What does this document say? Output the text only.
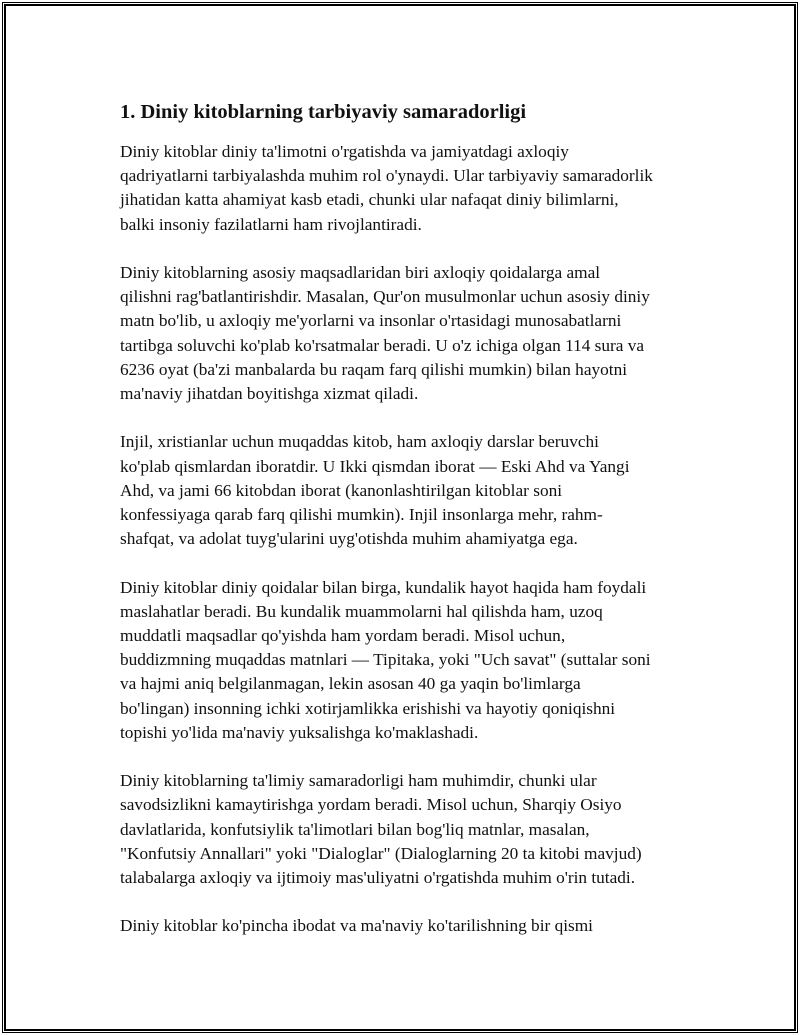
1. Diniy kitoblarning tarbiyaviy samaradorligi

Diniy kitoblar diniy ta'limotni o'rgatishda va jamiyatdagi axloqiy
qadriyatlarni tarbiyalashda muhim rol o'ynaydi. Ular tarbiyaviy samaradorlik
jihatidan katta ahamiyat kasb etadi, chunki ular nafaqat diniy bilimlarni,
balki insoniy fazilatlarni ham rivojlantiradi.

Diniy kitoblarning asosiy maqsadlaridan biri axloqiy qoidalarga amal
qilishni rag'batlantirishdir. Masalan, Qur'on musulmonlar uchun asosiy diniy
matn bo'lib, u axloqiy me'yorlarni va insonlar o'rtasidagi munosabatlarni
tartibga soluvchi ko'plab ko'rsatmalar beradi. U o'z ichiga olgan 114 sura va
6236 oyat (ba'zi manbalarda bu raqam farq qilishi mumkin) bilan hayotni
ma'naviy jihatdan boyitishga xizmat qiladi.

Injil, xristianlar uchun muqaddas kitob, ham axloqiy darslar beruvchi
ko'plab qismlardan iboratdir. U Ikki qismdan iborat — Eski Ahd va Yangi
Ahd, va jami 66 kitobdan iborat (kanonlashtirilgan kitoblar soni
konfessiyaga qarab farq qilishi mumkin). Injil insonlarga mehr, rahm-
shafqat, va adolat tuyg'ularini uyg'otishda muhim ahamiyatga ega.

Diniy kitoblar diniy qoidalar bilan birga, kundalik hayot haqida ham foydali
maslahatlar beradi. Bu kundalik muammolarni hal qilishda ham, uzoq
muddatli maqsadlar qo'yishda ham yordam beradi. Misol uchun,
buddizmning muqaddas matnlari — Tipitaka, yoki "Uch savat" (suttalar soni
va hajmi aniq belgilanmagan, lekin asosan 40 ga yaqin bo'limlarga
bo'lingan) insonning ichki xotirjamlikka erishishi va hayotiy qoniqishni
topishi yo'lida ma'naviy yuksalishga ko'maklashadi.

Diniy kitoblarning ta'limiy samaradorligi ham muhimdir, chunki ular
savodsizlikni kamaytirishga yordam beradi. Misol uchun, Sharqiy Osiyo
davlatlarida, konfutsiylik ta'limotlari bilan bog'liq matnlar, masalan,
"Konfutsiy Annallari" yoki "Dialoglar" (Dialoglarning 20 ta kitobi mavjud)
talabalarga axloqiy va ijtimoiy mas'uliyatni o'rgatishda muhim o'rin tutadi.

Diniy kitoblar ko'pincha ibodat va ma'naviy ko'tarilishning bir qismi
